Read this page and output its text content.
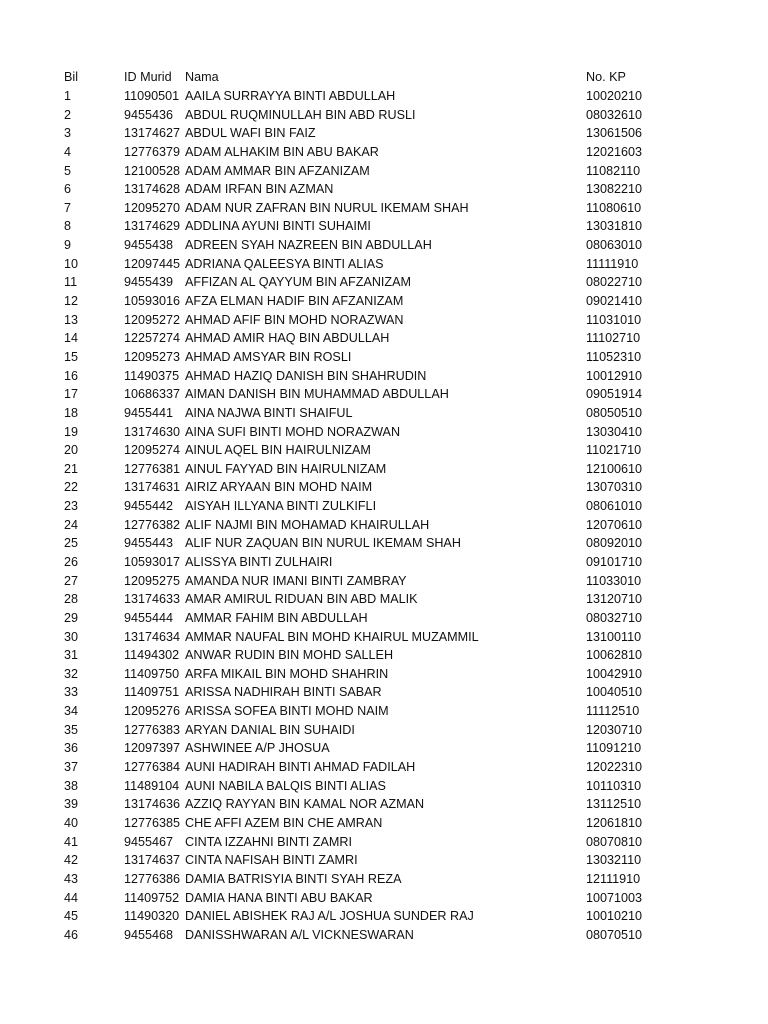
Bil	ID Murid Nama	No. KP
1	11090501 AAILA SURRAYYA BINTI ABDULLAH	10020210
2	9455436 ABDUL RUQMINULLAH BIN ABD RUSLI	08032610
3	13174627 ABDUL WAFI BIN FAIZ	13061506
4	12776379 ADAM ALHAKIM BIN ABU BAKAR	12021603
5	12100528 ADAM AMMAR BIN AFZANIZAM	11082110
6	13174628 ADAM IRFAN BIN AZMAN	13082210
7	12095270 ADAM NUR ZAFRAN BIN NURUL IKEMAM SHAH	11080610
8	13174629 ADDLINA AYUNI BINTI SUHAIMI	13031810
9	9455438 ADREEN SYAH NAZREEN BIN ABDULLAH	08063010
10	12097445 ADRIANA QALEESYA BINTI ALIAS	11111910
11	9455439 AFFIZAN AL QAYYUM BIN AFZANIZAM	08022710
12	10593016 AFZA ELMAN HADIF BIN AFZANIZAM	09021410
13	12095272 AHMAD AFIF BIN MOHD NORAZWAN	11031010
14	12257274 AHMAD AMIR HAQ BIN ABDULLAH	11102710
15	12095273 AHMAD AMSYAR BIN ROSLI	11052310
16	11490375 AHMAD HAZIQ DANISH BIN SHAHRUDIN	10012910
17	10686337 AIMAN DANISH BIN MUHAMMAD ABDULLAH	09051914
18	9455441 AINA NAJWA BINTI SHAIFUL	08050510
19	13174630 AINA SUFI BINTI MOHD NORAZWAN	13030410
20	12095274 AINUL AQEL BIN HAIRULNIZAM	11021710
21	12776381 AINUL FAYYAD BIN HAIRULNIZAM	12100610
22	13174631 AIRIZ ARYAAN BIN MOHD NAIM	13070310
23	9455442 AISYAH ILLYANA BINTI ZULKIFLI	08061010
24	12776382 ALIF NAJMI BIN MOHAMAD KHAIRULLAH	12070610
25	9455443 ALIF NUR ZAQUAN BIN NURUL IKEMAM SHAH	08092010
26	10593017 ALISSYA BINTI ZULHAIRI	09101710
27	12095275 AMANDA NUR IMANI BINTI ZAMBRAY	11033010
28	13174633 AMAR AMIRUL RIDUAN BIN ABD MALIK	13120710
29	9455444 AMMAR FAHIM BIN ABDULLAH	08032710
30	13174634 AMMAR NAUFAL BIN MOHD KHAIRUL MUZAMMIL	13100110
31	11494302 ANWAR RUDIN BIN MOHD SALLEH	10062810
32	11409750 ARFA MIKAIL BIN MOHD SHAHRIN	10042910
33	11409751 ARISSA NADHIRAH BINTI SABAR	10040510
34	12095276 ARISSA SOFEA BINTI MOHD NAIM	11112510
35	12776383 ARYAN DANIAL BIN SUHAIDI	12030710
36	12097397 ASHWINEE A/P JHOSUA	11091210
37	12776384 AUNI HADIRAH BINTI AHMAD FADILAH	12022310
38	11489104 AUNI NABILA BALQIS BINTI ALIAS	10110310
39	13174636 AZZIQ RAYYAN BIN KAMAL NOR AZMAN	13112510
40	12776385 CHE AFFI AZEM BIN CHE AMRAN	12061810
41	9455467 CINTA IZZAHNI BINTI ZAMRI	08070810
42	13174637 CINTA NAFISAH BINTI ZAMRI	13032110
43	12776386 DAMIA BATRISYIA BINTI SYAH REZA	12111910
44	11409752 DAMIA HANA BINTI ABU BAKAR	10071003
45	11490320 DANIEL ABISHEK RAJ A/L JOSHUA SUNDER RAJ	10010210
46	9455468 DANISSHWARAN A/L VICKNESWARAN	08070510
